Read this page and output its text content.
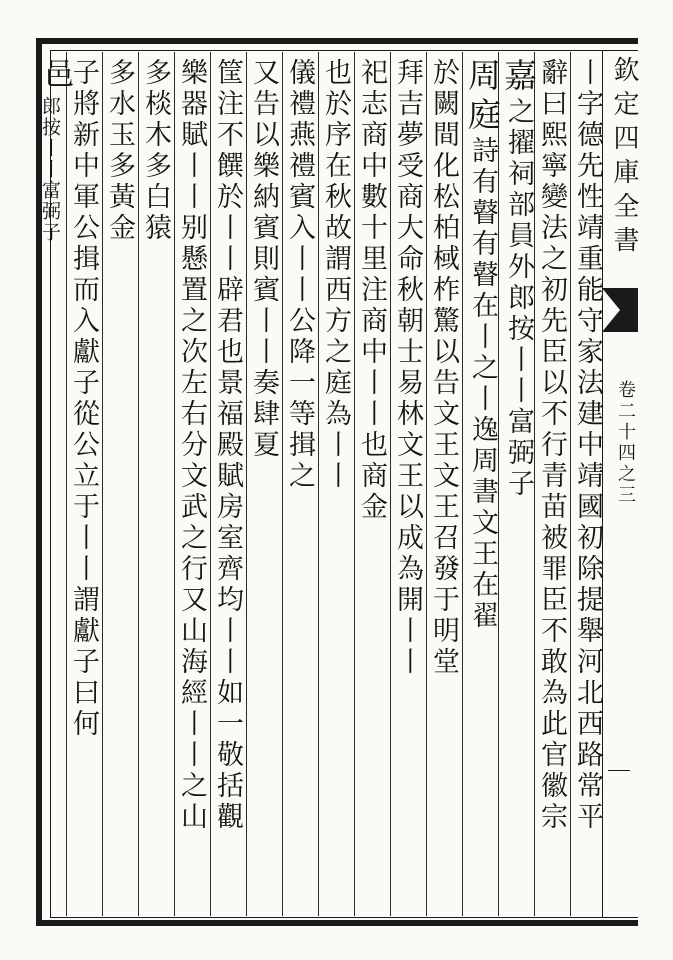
欽定四庫全書
卷二十四之三
丨字德先性靖重能守家法建中靖國初除提舉河北西路常平
辭曰熙寧變法之初先臣以不行青苗被罪臣不敢為此官徽宗
嘉之擢祠部員外郎按丨丨富弼子
周庭詩有瞽有瞽在丨之丨逸周書文王在翟
於闕間化松柏棫柞驚以告文王文王召發于明堂
拜吉夢受商大命秋朝士易林文王以成為開丨丨
祀志商中數十里注商中丨丨也商金
也於序在秋故謂西方之庭為丨丨
儀禮燕禮賓入丨丨公降一等揖之
又告以樂納賓則賓丨丨奏肆夏
筐注不饌於丨丨辟君也景福殿賦房室齊均丨丨如一敬括觀
樂器賦丨丨别懸置之次左右分文武之行又山海經丨丨之山
多棪木多白猿
多水玉多黃金
子將新中軍公揖而入獻子從公立于丨丨謂獻子曰何
邑
郎按丨丨富弼子
